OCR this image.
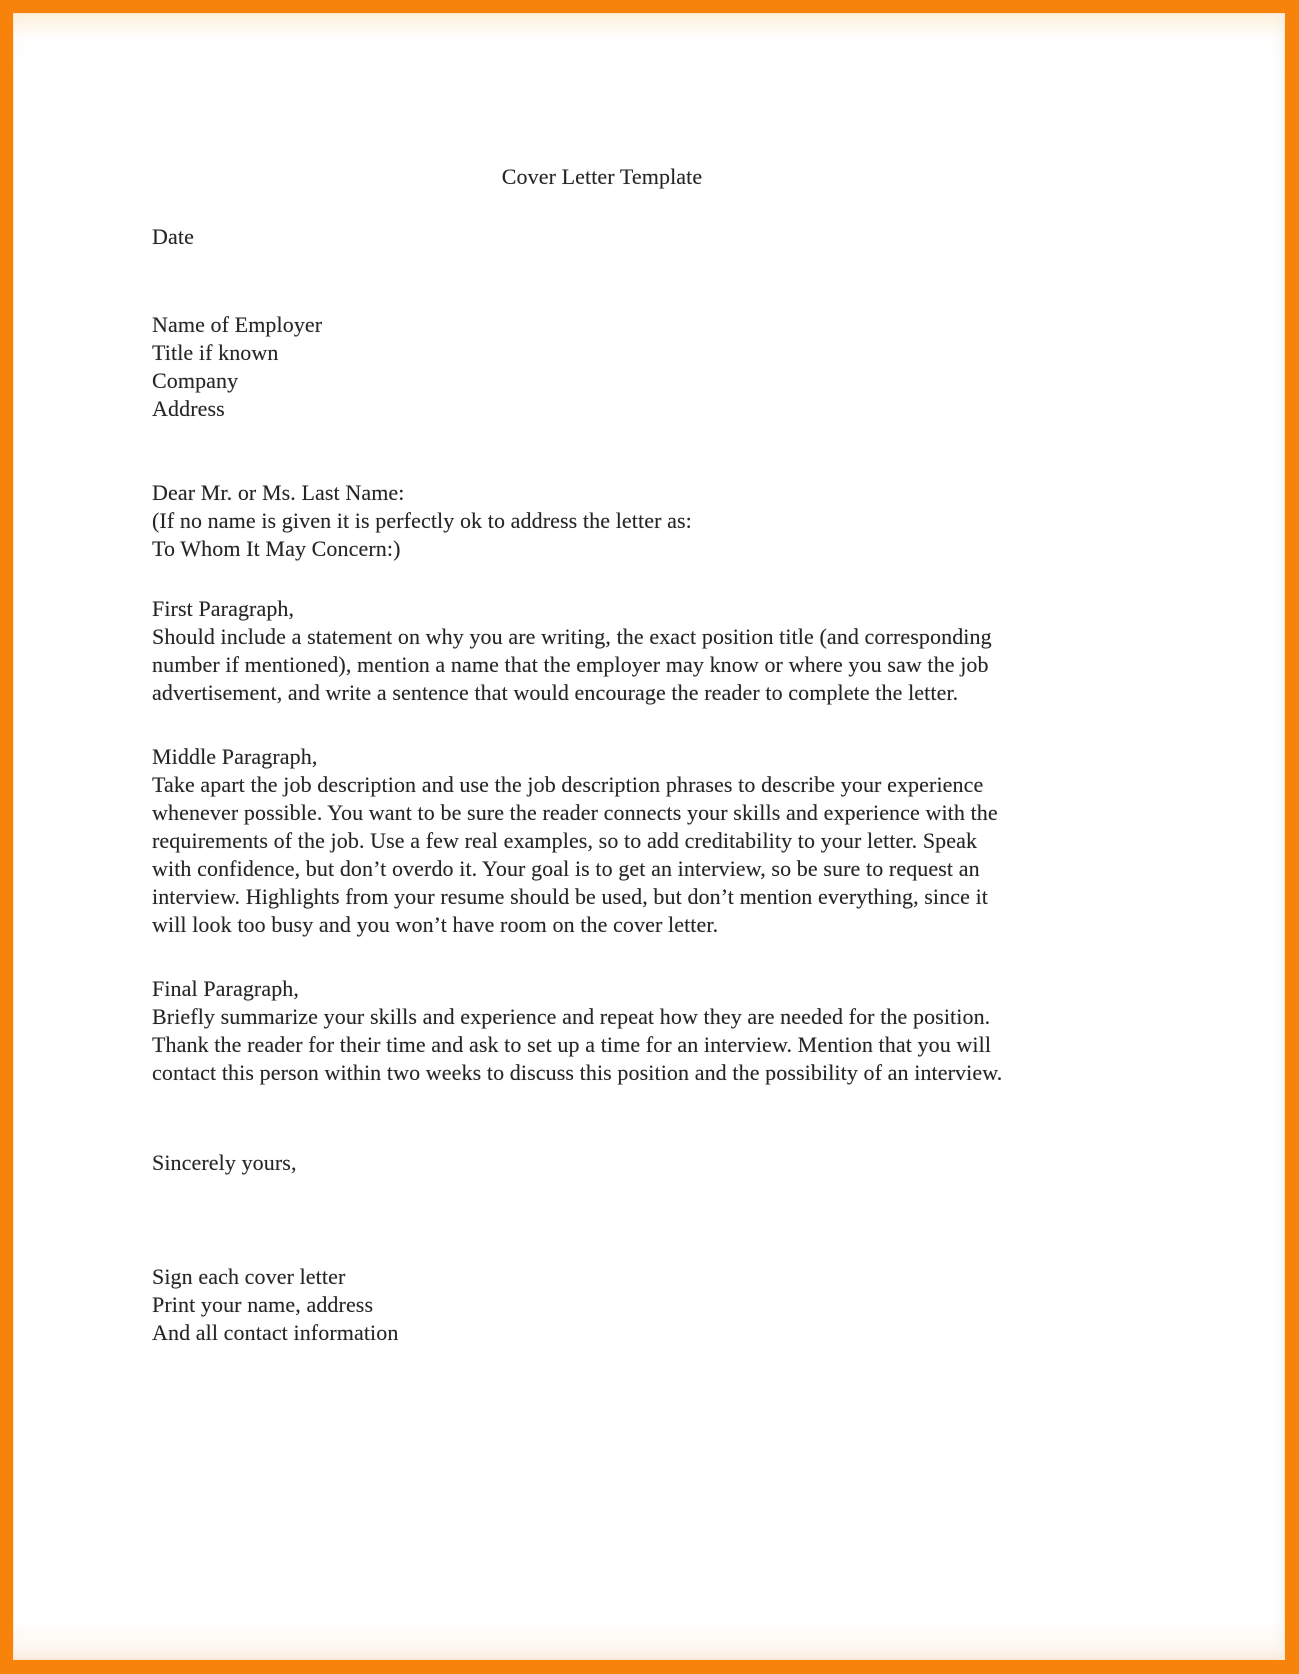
Cover Letter Template
Date
Name of Employer
Title if known
Company
Address
Dear Mr. or Ms. Last Name:
(If no name is given it is perfectly ok to address the letter as:
To Whom It May Concern:)
First Paragraph,
Should include a statement on why you are writing, the exact position title (and corresponding
number if mentioned), mention a name that the employer may know or where you saw the job
advertisement, and write a sentence that would encourage the reader to complete the letter.
Middle Paragraph,
Take apart the job description and use the job description phrases to describe your experience
whenever possible. You want to be sure the reader connects your skills and experience with the
requirements of the job. Use a few real examples, so to add creditability to your letter. Speak
with confidence, but don’t overdo it. Your goal is to get an interview, so be sure to request an
interview. Highlights from your resume should be used, but don’t mention everything, since it
will look too busy and you won’t have room on the cover letter.
Final Paragraph,
Briefly summarize your skills and experience and repeat how they are needed for the position.
Thank the reader for their time and ask to set up a time for an interview. Mention that you will
contact this person within two weeks to discuss this position and the possibility of an interview.
Sincerely yours,
Sign each cover letter
Print your name, address
And all contact information
